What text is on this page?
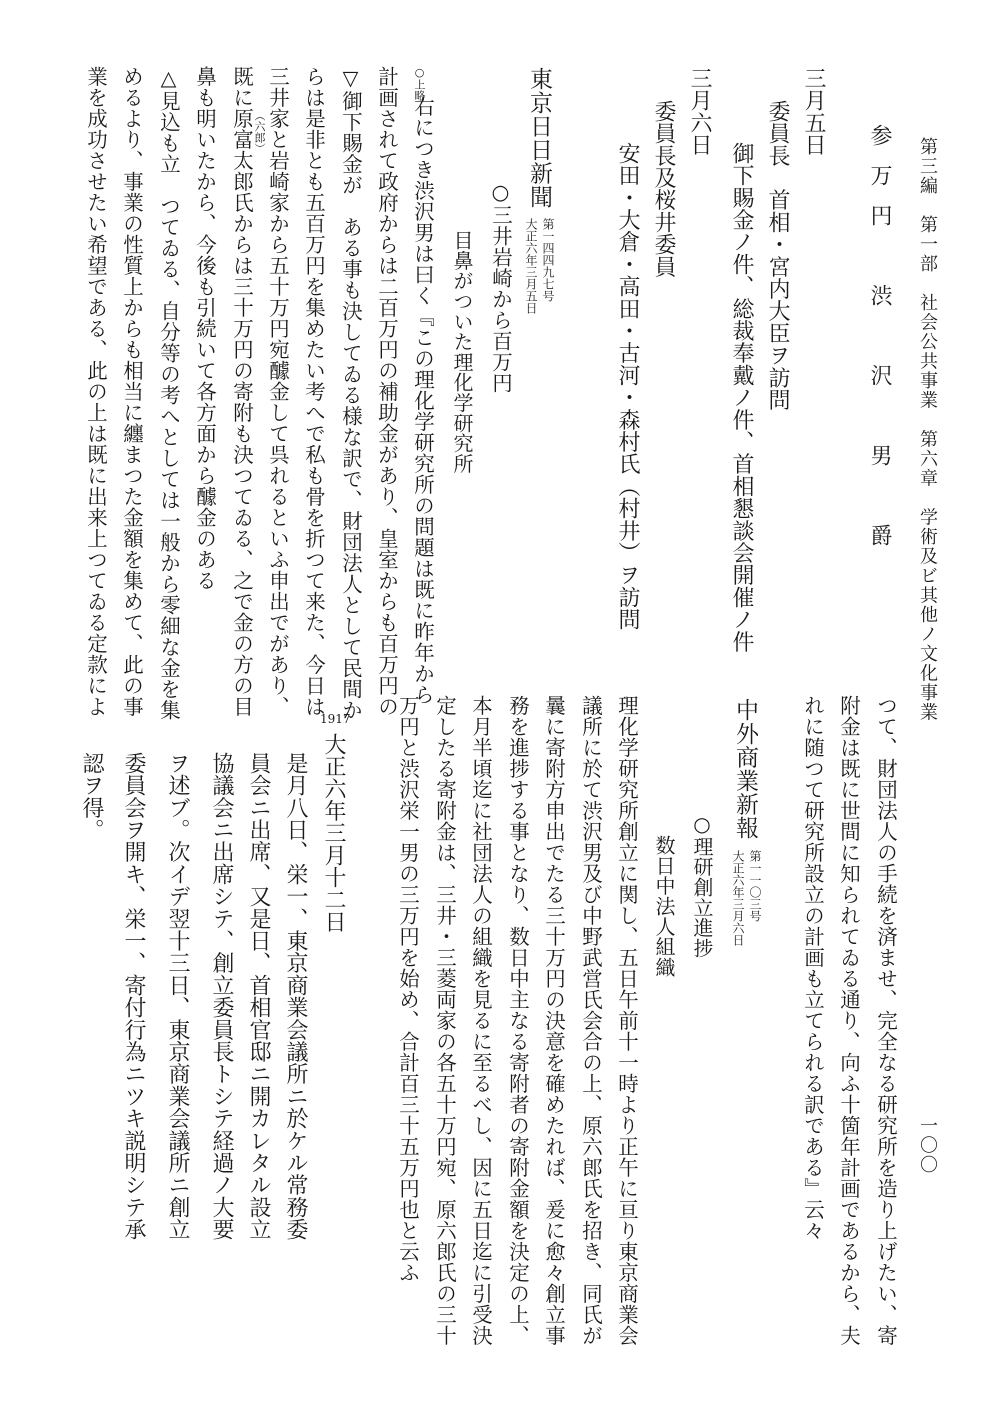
第三編　第一部　社会公共事業　第六章　学術及ビ其他ノ文化事業
一〇〇
参万円　渋　沢　男　爵
三月五日
委員長　首相・宮内大臣ヲ訪問
御下賜金ノ件、総裁奉戴ノ件、首相懇談会開催ノ件
三月六日
委員長及桜井委員
安田・大倉・高田・古河・森村氏（村井）ヲ訪問
東京日日新聞
第一四四九七号
大正六年三月五日
○三井岩崎から百万円
目鼻がついた理化学研究所
○上略
右につき渋沢男は曰く『この理化学研究所の問題は既に昨年から
計画されて政府からは二百万円の補助金があり、皇室からも百万円の
▽御下賜金が　ある事も決してゐる様な訳で、財団法人として民間か
らは是非とも五百万円を集めたい考へで私も骨を折つて来た、今日は
三井家と岩崎家から五十万円宛醵金して呉れるといふ申出でがあり、
（六郎）
既に原富太郎氏からは三十万円の寄附も決つてゐる、之で金の方の目
鼻も明いたから、今後も引続いて各方面から醵金のある
△見込も立　つてゐる、自分等の考へとしては一般から零細な金を集
めるより、事業の性質上からも相当に纏まつた金額を集めて、此の事
業を成功させたい希望である、此の上は既に出来上つてゐる定款によ
つて、財団法人の手続を済ませ、完全なる研究所を造り上げたい、寄
附金は既に世間に知られてゐる通り、向ふ十箇年計画であるから、夫
れに随つて研究所設立の計画も立てられる訳である』云々
中外商業新報
第一一〇三号
大正六年三月六日
○理研創立進捗
数日中法人組織
理化学研究所創立に関し、五日午前十一時より正午に亘り東京商業会
議所に於て渋沢男及び中野武営氏会合の上、原六郎氏を招き、同氏が
曩に寄附方申出でたる三十万円の決意を確めたれば、爰に愈々創立事
務を進捗する事となり、数日中主なる寄附者の寄附金額を決定の上、
本月半頃迄に社団法人の組織を見るに至るべし、因に五日迄に引受決
定したる寄附金は、三井・三菱両家の各五十万円宛、原六郎氏の三十
万円と渋沢栄一男の三万円を始め、合計百三十五万円也と云ふ
1917
大正六年三月十二日
是月八日、栄一、東京商業会議所ニ於ケル常務委
員会ニ出席、又是日、首相官邸ニ開カレタル設立
協議会ニ出席シテ、創立委員長トシテ経過ノ大要
ヲ述ブ。次イデ翌十三日、東京商業会議所ニ創立
委員会ヲ開キ、栄一、寄付行為ニツキ説明シテ承
認ヲ得。
